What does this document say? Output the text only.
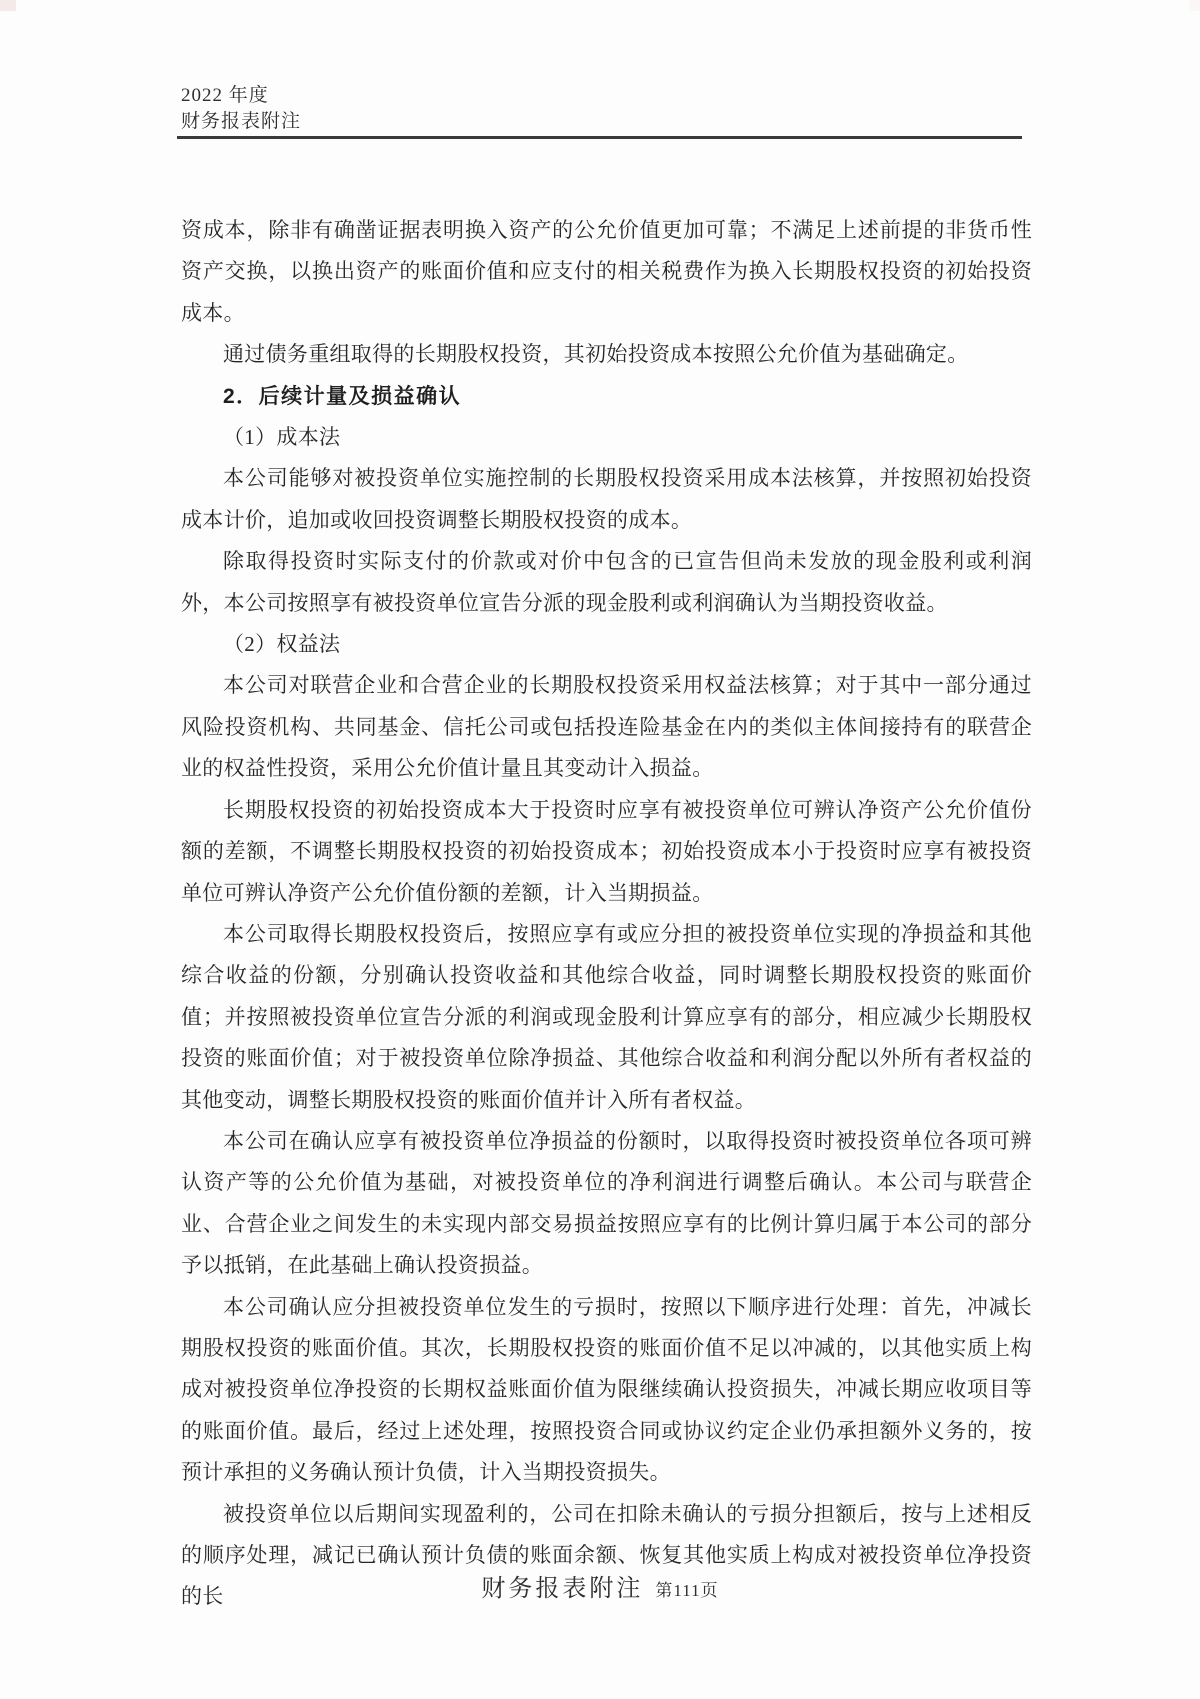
2022 年度
财务报表附注

资成本，除非有确凿证据表明换入资产的公允价值更加可靠；不满足上述前提的非货币性资产交换，以换出资产的账面价值和应支付的相关税费作为换入长期股权投资的初始投资成本。

通过债务重组取得的长期股权投资，其初始投资成本按照公允价值为基础确定。

2．后续计量及损益确认

（1）成本法

本公司能够对被投资单位实施控制的长期股权投资采用成本法核算，并按照初始投资成本计价，追加或收回投资调整长期股权投资的成本。

除取得投资时实际支付的价款或对价中包含的已宣告但尚未发放的现金股利或利润外，本公司按照享有被投资单位宣告分派的现金股利或利润确认为当期投资收益。

（2）权益法

本公司对联营企业和合营企业的长期股权投资采用权益法核算；对于其中一部分通过风险投资机构、共同基金、信托公司或包括投连险基金在内的类似主体间接持有的联营企业的权益性投资，采用公允价值计量且其变动计入损益。

长期股权投资的初始投资成本大于投资时应享有被投资单位可辨认净资产公允价值份额的差额，不调整长期股权投资的初始投资成本；初始投资成本小于投资时应享有被投资单位可辨认净资产公允价值份额的差额，计入当期损益。

本公司取得长期股权投资后，按照应享有或应分担的被投资单位实现的净损益和其他综合收益的份额，分别确认投资收益和其他综合收益，同时调整长期股权投资的账面价值；并按照被投资单位宣告分派的利润或现金股利计算应享有的部分，相应减少长期股权投资的账面价值；对于被投资单位除净损益、其他综合收益和利润分配以外所有者权益的其他变动，调整长期股权投资的账面价值并计入所有者权益。

本公司在确认应享有被投资单位净损益的份额时，以取得投资时被投资单位各项可辨认资产等的公允价值为基础，对被投资单位的净利润进行调整后确认。本公司与联营企业、合营企业之间发生的未实现内部交易损益按照应享有的比例计算归属于本公司的部分予以抵销，在此基础上确认投资损益。

本公司确认应分担被投资单位发生的亏损时，按照以下顺序进行处理：首先，冲减长期股权投资的账面价值。其次，长期股权投资的账面价值不足以冲减的，以其他实质上构成对被投资单位净投资的长期权益账面价值为限继续确认投资损失，冲减长期应收项目等的账面价值。最后，经过上述处理，按照投资合同或协议约定企业仍承担额外义务的，按预计承担的义务确认预计负债，计入当期投资损失。

被投资单位以后期间实现盈利的，公司在扣除未确认的亏损分担额后，按与上述相反的顺序处理，减记已确认预计负债的账面余额、恢复其他实质上构成对被投资单位净投资的长	财务报表附注 第111页
